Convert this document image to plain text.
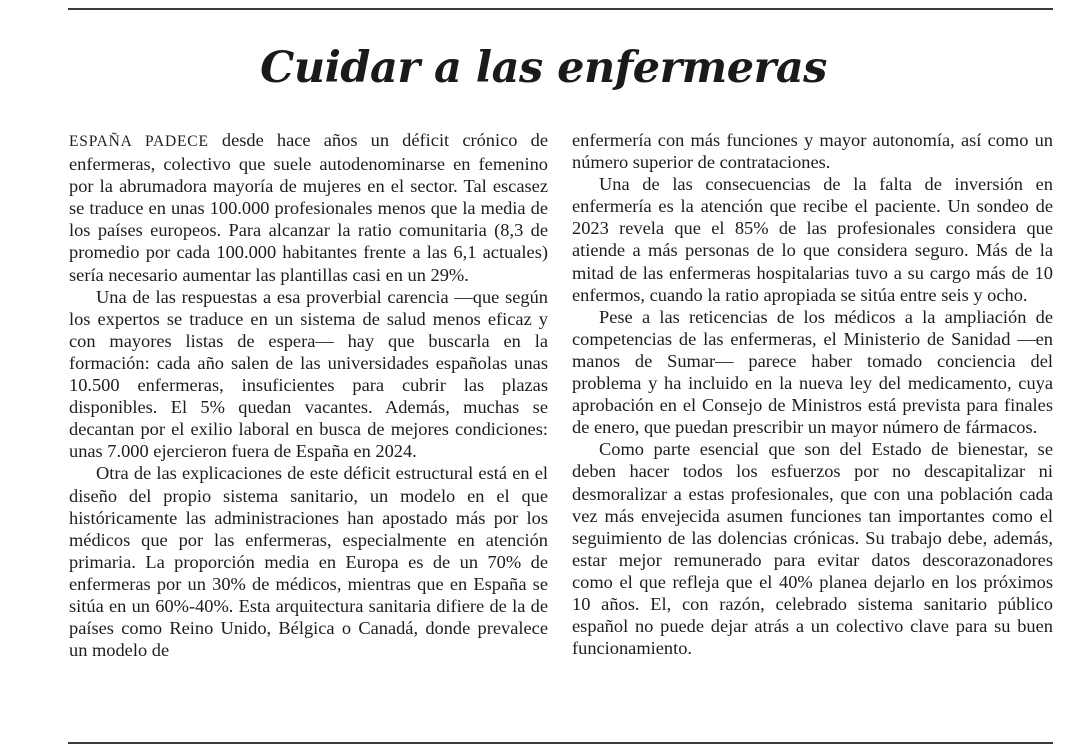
Cuidar a las enfermeras

ESPAÑA PADECE desde hace años un déficit crónico de enfermeras, colectivo que suele autodenominarse en femenino por la abrumadora mayoría de mujeres en el sector. Tal escasez se traduce en unas 100.000 profesionales menos que la media de los países europeos. Para alcanzar la ratio comunitaria (8,3 de promedio por cada 100.000 habitantes frente a las 6,1 actuales) sería necesario aumentar las plantillas casi en un 29%.

Una de las respuestas a esa proverbial carencia —que según los expertos se traduce en un sistema de salud menos eficaz y con mayores listas de espera— hay que buscarla en la formación: cada año salen de las universidades españolas unas 10.500 enfermeras, insuficientes para cubrir las plazas disponibles. El 5% quedan vacantes. Además, muchas se decantan por el exilio laboral en busca de mejores condiciones: unas 7.000 ejercieron fuera de España en 2024.

Otra de las explicaciones de este déficit estructural está en el diseño del propio sistema sanitario, un modelo en el que históricamente las administraciones han apostado más por los médicos que por las enfermeras, especialmente en atención primaria. La proporción media en Europa es de un 70% de enfermeras por un 30% de médicos, mientras que en España se sitúa en un 60%-40%. Esta arquitectura sanitaria difiere de la de países como Reino Unido, Bélgica o Canadá, donde prevalece un modelo de

enfermería con más funciones y mayor autonomía, así como un número superior de contrataciones.

Una de las consecuencias de la falta de inversión en enfermería es la atención que recibe el paciente. Un sondeo de 2023 revela que el 85% de las profesionales considera que atiende a más personas de lo que considera seguro. Más de la mitad de las enfermeras hospitalarias tuvo a su cargo más de 10 enfermos, cuando la ratio apropiada se sitúa entre seis y ocho.

Pese a las reticencias de los médicos a la ampliación de competencias de las enfermeras, el Ministerio de Sanidad —en manos de Sumar— parece haber tomado conciencia del problema y ha incluido en la nueva ley del medicamento, cuya aprobación en el Consejo de Ministros está prevista para finales de enero, que puedan prescribir un mayor número de fármacos.

Como parte esencial que son del Estado de bienestar, se deben hacer todos los esfuerzos por no descapitalizar ni desmoralizar a estas profesionales, que con una población cada vez más envejecida asumen funciones tan importantes como el seguimiento de las dolencias crónicas. Su trabajo debe, además, estar mejor remunerado para evitar datos descorazonadores como el que refleja que el 40% planea dejarlo en los próximos 10 años. El, con razón, celebrado sistema sanitario público español no puede dejar atrás a un colectivo clave para su buen funcionamiento.
